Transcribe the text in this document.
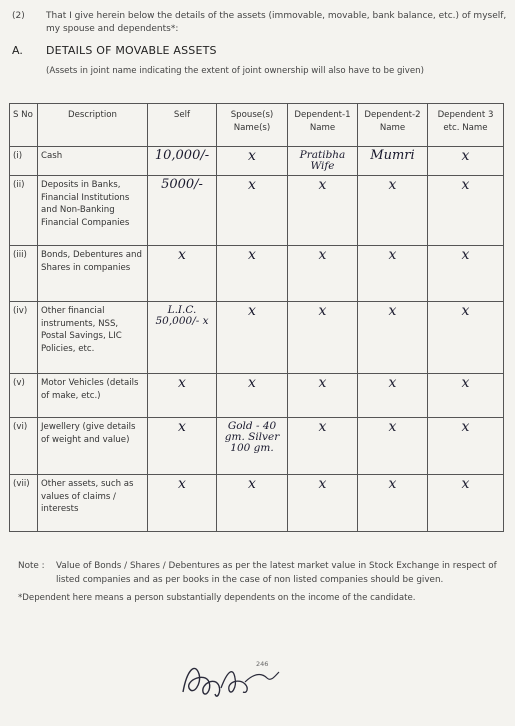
(2) That I give herein below the details of the assets (immovable, movable, bank balance, etc.) of myself, my spouse and dependents*:
A. DETAILS OF MOVABLE ASSETS
(Assets in joint name indicating the extent of joint ownership will also have to be given)
S No	Description	Self	Spouse(s) Name(s)	Dependent-1 Name	Dependent-2 Name	Dependent 3 etc. Name
(i)	Cash	10,000/-	x	Pratibha Wife	Mumri	x
(ii)	Deposits in Banks, Financial Institutions and Non-Banking Financial Companies	5000/-	x	x	x	x
(iii)	Bonds, Debentures and Shares in companies	x	x	x	x	x
(iv)	Other financial instruments, NSS, Postal Savings, LIC Policies, etc.	L.I.C. 50,000/- x	x	x	x	x
(v)	Motor Vehicles (details of make, etc.)	x	x	x	x	x
(vi)	Jewellery (give details of weight and value)	x	Gold - 40 gm. Silver 100 gm.	x	x	x
(vii)	Other assets, such as values of claims / interests	x	x	x	x	x
Note : Value of Bonds / Shares / Debentures as per the latest market value in Stock Exchange in respect of listed companies and as per books in the case of non listed companies should be given.
*Dependent here means a person substantially dependents on the income of the candidate.
246
